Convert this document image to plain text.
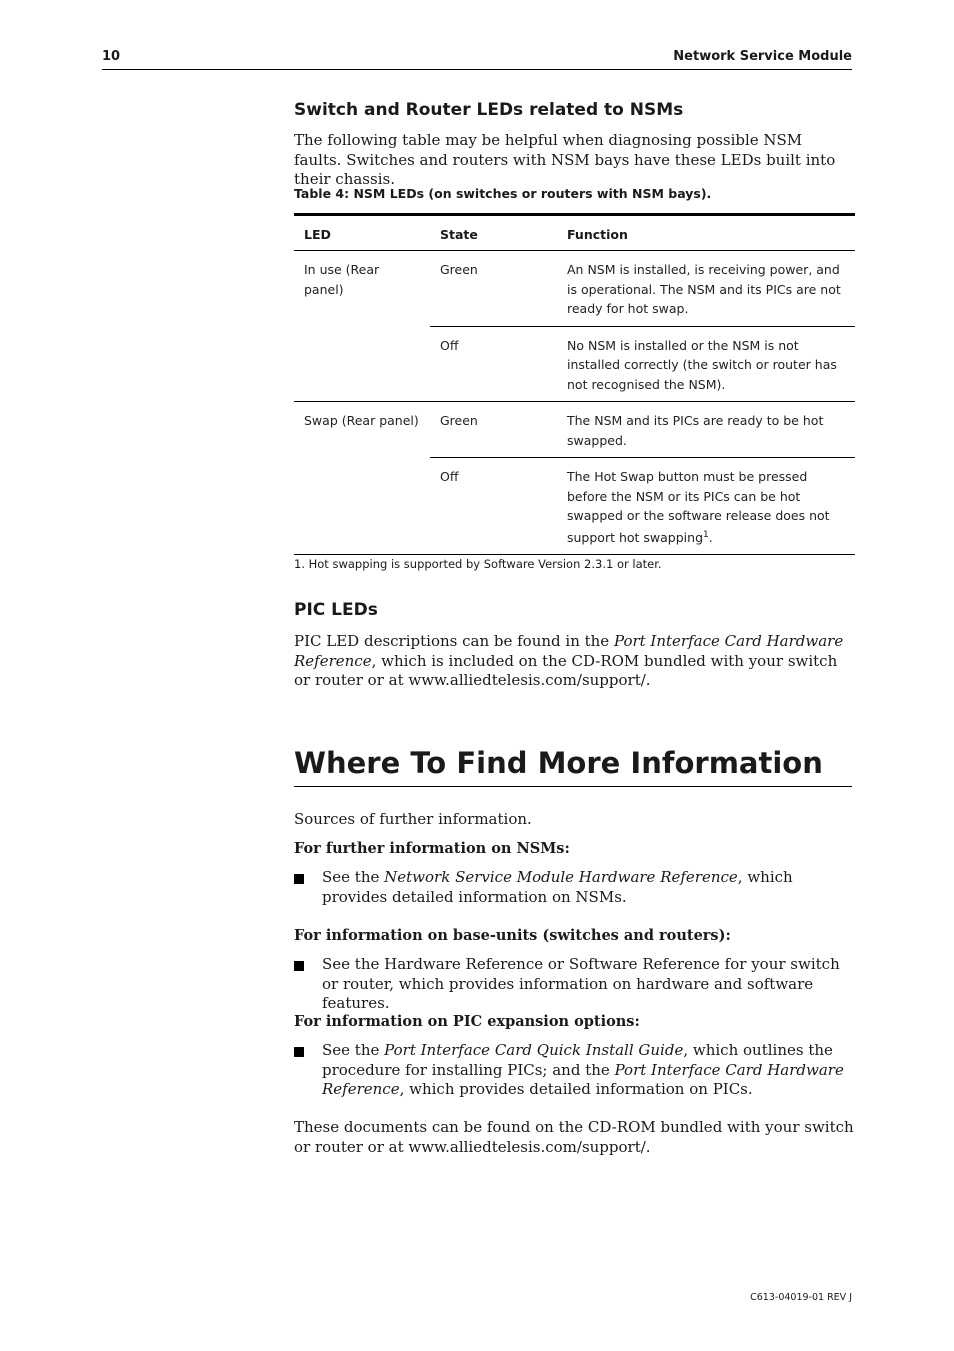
10	Network Service Module
Switch and Router LEDs related to NSMs

The following table may be helpful when diagnosing possible NSM faults. Switches and routers with NSM bays have these LEDs built into their chassis.

Table 4: NSM LEDs (on switches or routers with NSM bays).
LED	State	Function
In use (Rear panel)	Green	An NSM is installed, is receiving power, and is operational. The NSM and its PICs are not ready for hot swap.
	Off	No NSM is installed or the NSM is not installed correctly (the switch or router has not recognised the NSM).
Swap (Rear panel)	Green	The NSM and its PICs are ready to be hot swapped.
	Off	The Hot Swap button must be pressed before the NSM or its PICs can be hot swapped or the software release does not support hot swapping$^1$.
1. Hot swapping is supported by Software Version 2.3.1 or later.
PIC LEDs

PIC LED descriptions can be found in the Port Interface Card Hardware Reference, which is included on the CD-ROM bundled with your switch or router or at www.alliedtelesis.com/support/.

Where To Find More Information

Sources of further information.

For further information on NSMs:

See the Network Service Module Hardware Reference, which provides detailed information on NSMs.

For information on base-units (switches and routers):

See the Hardware Reference or Software Reference for your switch or router, which provides information on hardware and software features.

For information on PIC expansion options:

See the Port Interface Card Quick Install Guide, which outlines the procedure for installing PICs; and the Port Interface Card Hardware Reference, which provides detailed information on PICs.

These documents can be found on the CD-ROM bundled with your switch or router or at www.alliedtelesis.com/support/.

C613-04019-01 REV J
